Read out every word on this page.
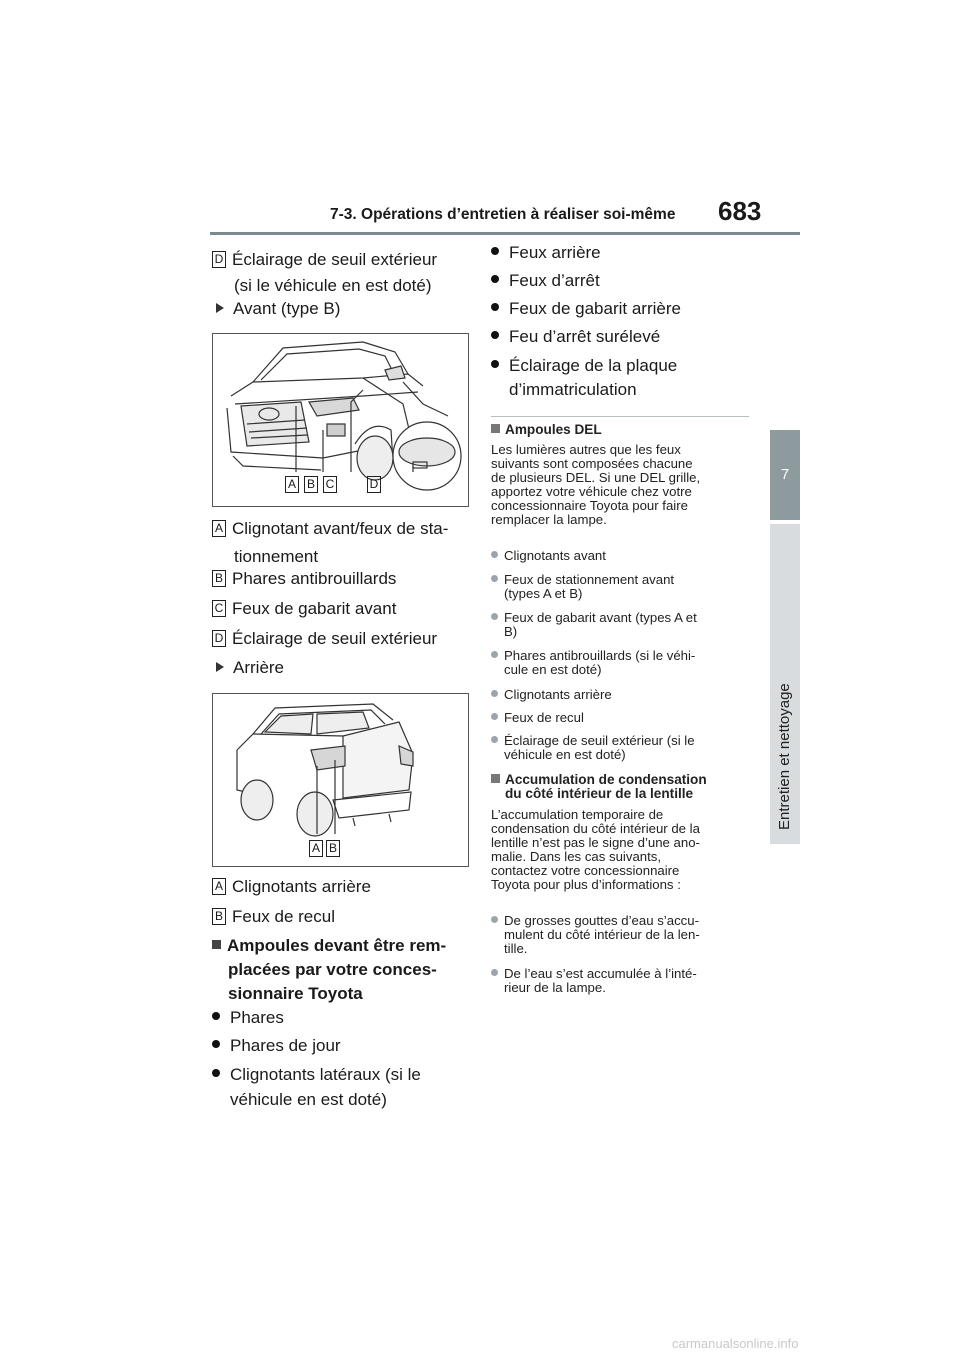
7-3. Opérations d’entretien à réaliser soi-même 683
7
Entretien et nettoyage
D Éclairage de seuil extérieur
(si le véhicule en est doté)
Avant (type B)
A B C	D
A Clignotant avant/feux de sta-
tionnement
B Phares antibrouillards
C Feux de gabarit avant
D Éclairage de seuil extérieur
Arrière
A B
A Clignotants arrière
B Feux de recul
Ampoules devant être rem-
placées par votre conces-
sionnaire Toyota
Phares
Phares de jour
Clignotants latéraux (si le
véhicule en est doté)
Feux arrière
Feux d’arrêt
Feux de gabarit arrière
Feu d’arrêt surélevé
Éclairage de la plaque
d’immatriculation
Ampoules DEL
Les lumières autres que les feux
suivants sont composées chacune
de plusieurs DEL. Si une DEL grille,
apportez votre véhicule chez votre
concessionnaire Toyota pour faire
remplacer la lampe.
Clignotants avant
Feux de stationnement avant
(types A et B)
Feux de gabarit avant (types A et
B)
Phares antibrouillards (si le véhi-
cule en est doté)
Clignotants arrière
Feux de recul
Éclairage de seuil extérieur (si le
véhicule en est doté)
Accumulation de condensation
du côté intérieur de la lentille
L’accumulation temporaire de
condensation du côté intérieur de la
lentille n’est pas le signe d’une ano-
malie. Dans les cas suivants,
contactez votre concessionnaire
Toyota pour plus d’informations :
De grosses gouttes d’eau s’accu-
mulent du côté intérieur de la len-
tille.
De l’eau s’est accumulée à l’inté-
rieur de la lampe.
carmanualsonline.info
